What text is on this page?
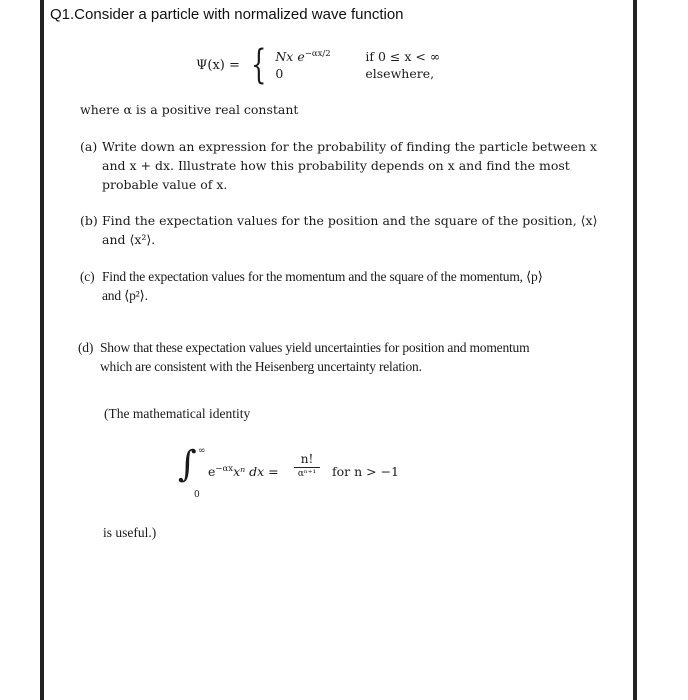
Q1.Consider a particle with normalized wave function
Ψ(x) = { Nx $e^{-\alpha x/2}$	if 0 ≤ x < ∞
0	elsewhere,
where α is a positive real constant
(a) Write down an expression for the probability of finding the particle between x and x + dx. Illustrate how this probability depends on x and find the most probable value of x.
(b) Find the expectation values for the position and the square of the position, ⟨x⟩ and ⟨x²⟩.
(c) Find the expectation values for the momentum and the square of the momentum, ⟨p⟩ and ⟨p²⟩.
(d) Show that these expectation values yield uncertainties for position and momentum which are consistent with the Heisenberg uncertainty relation.
(The mathematical identity
∫ ∞
0
$e^{-\alpha x}x^n$ dx =
n!
αⁿ⁺¹	for n > −1
is useful.)
